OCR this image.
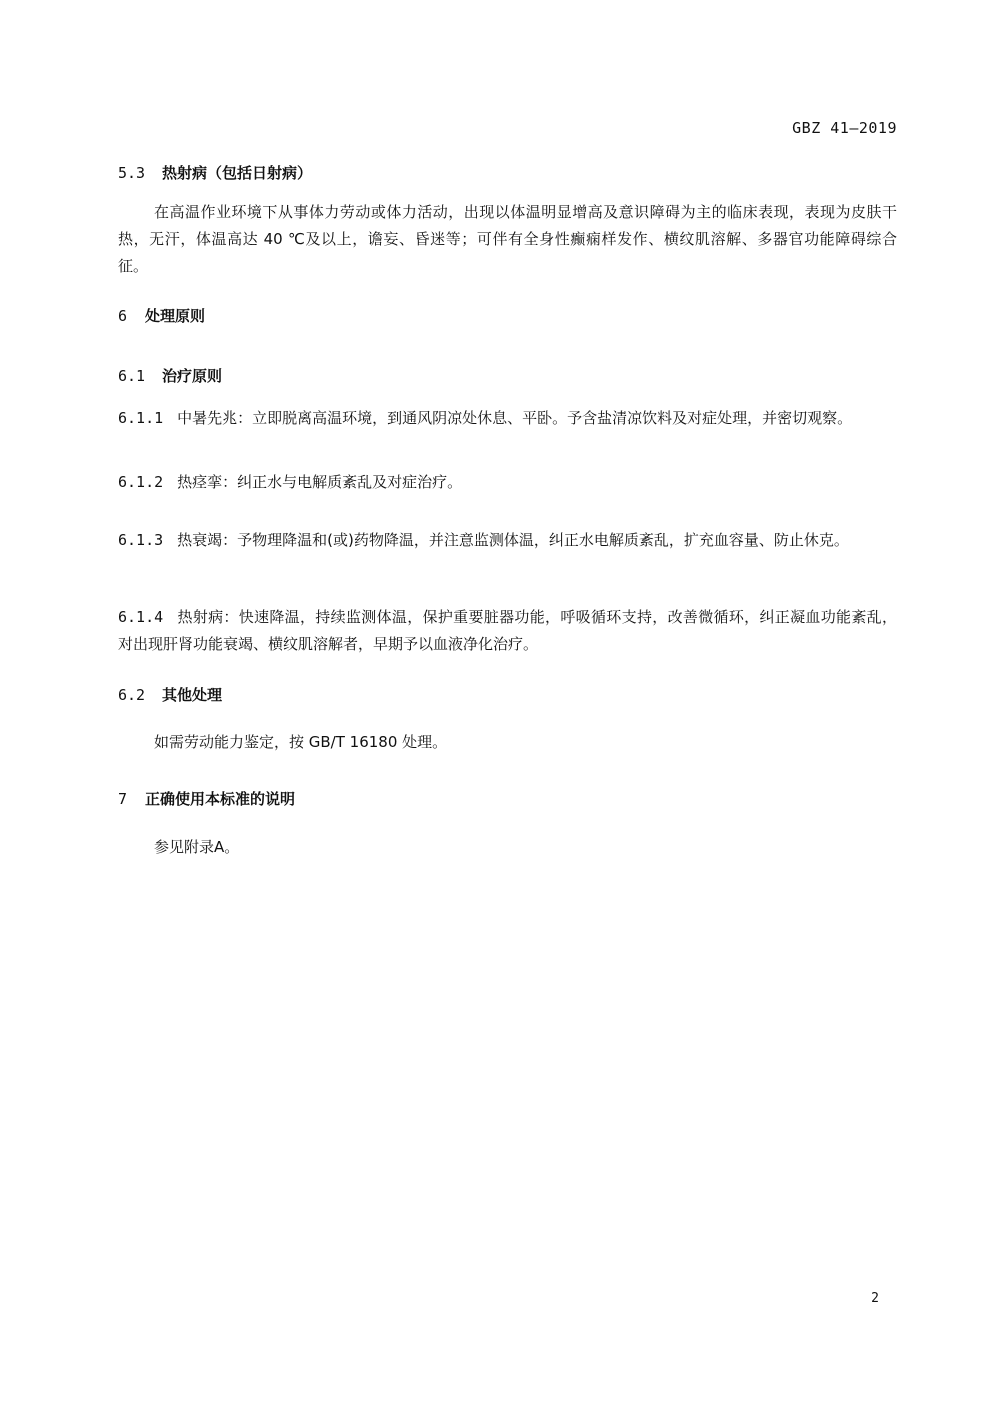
GBZ 41—2019
5.3 热射病（包括日射病）
在高温作业环境下从事体力劳动或体力活动，出现以体温明显增高及意识障碍为主的临床表现，表现为皮肤干热，无汗，体温高达 40 ℃及以上，谵妄、昏迷等；可伴有全身性癫痫样发作、横纹肌溶解、多器官功能障碍综合征。
6 处理原则
6.1 治疗原则
6.1.1 中暑先兆：立即脱离高温环境，到通风阴凉处休息、平卧。予含盐清凉饮料及对症处理，并密切观察。
6.1.2 热痉挛：纠正水与电解质紊乱及对症治疗。
6.1.3 热衰竭：予物理降温和(或)药物降温，并注意监测体温，纠正水电解质紊乱，扩充血容量、防止休克。
6.1.4 热射病：快速降温，持续监测体温，保护重要脏器功能，呼吸循环支持，改善微循环，纠正凝血功能紊乱，对出现肝肾功能衰竭、横纹肌溶解者，早期予以血液净化治疗。
6.2 其他处理
如需劳动能力鉴定，按 GB/T 16180 处理。
7 正确使用本标准的说明
参见附录A。
2
